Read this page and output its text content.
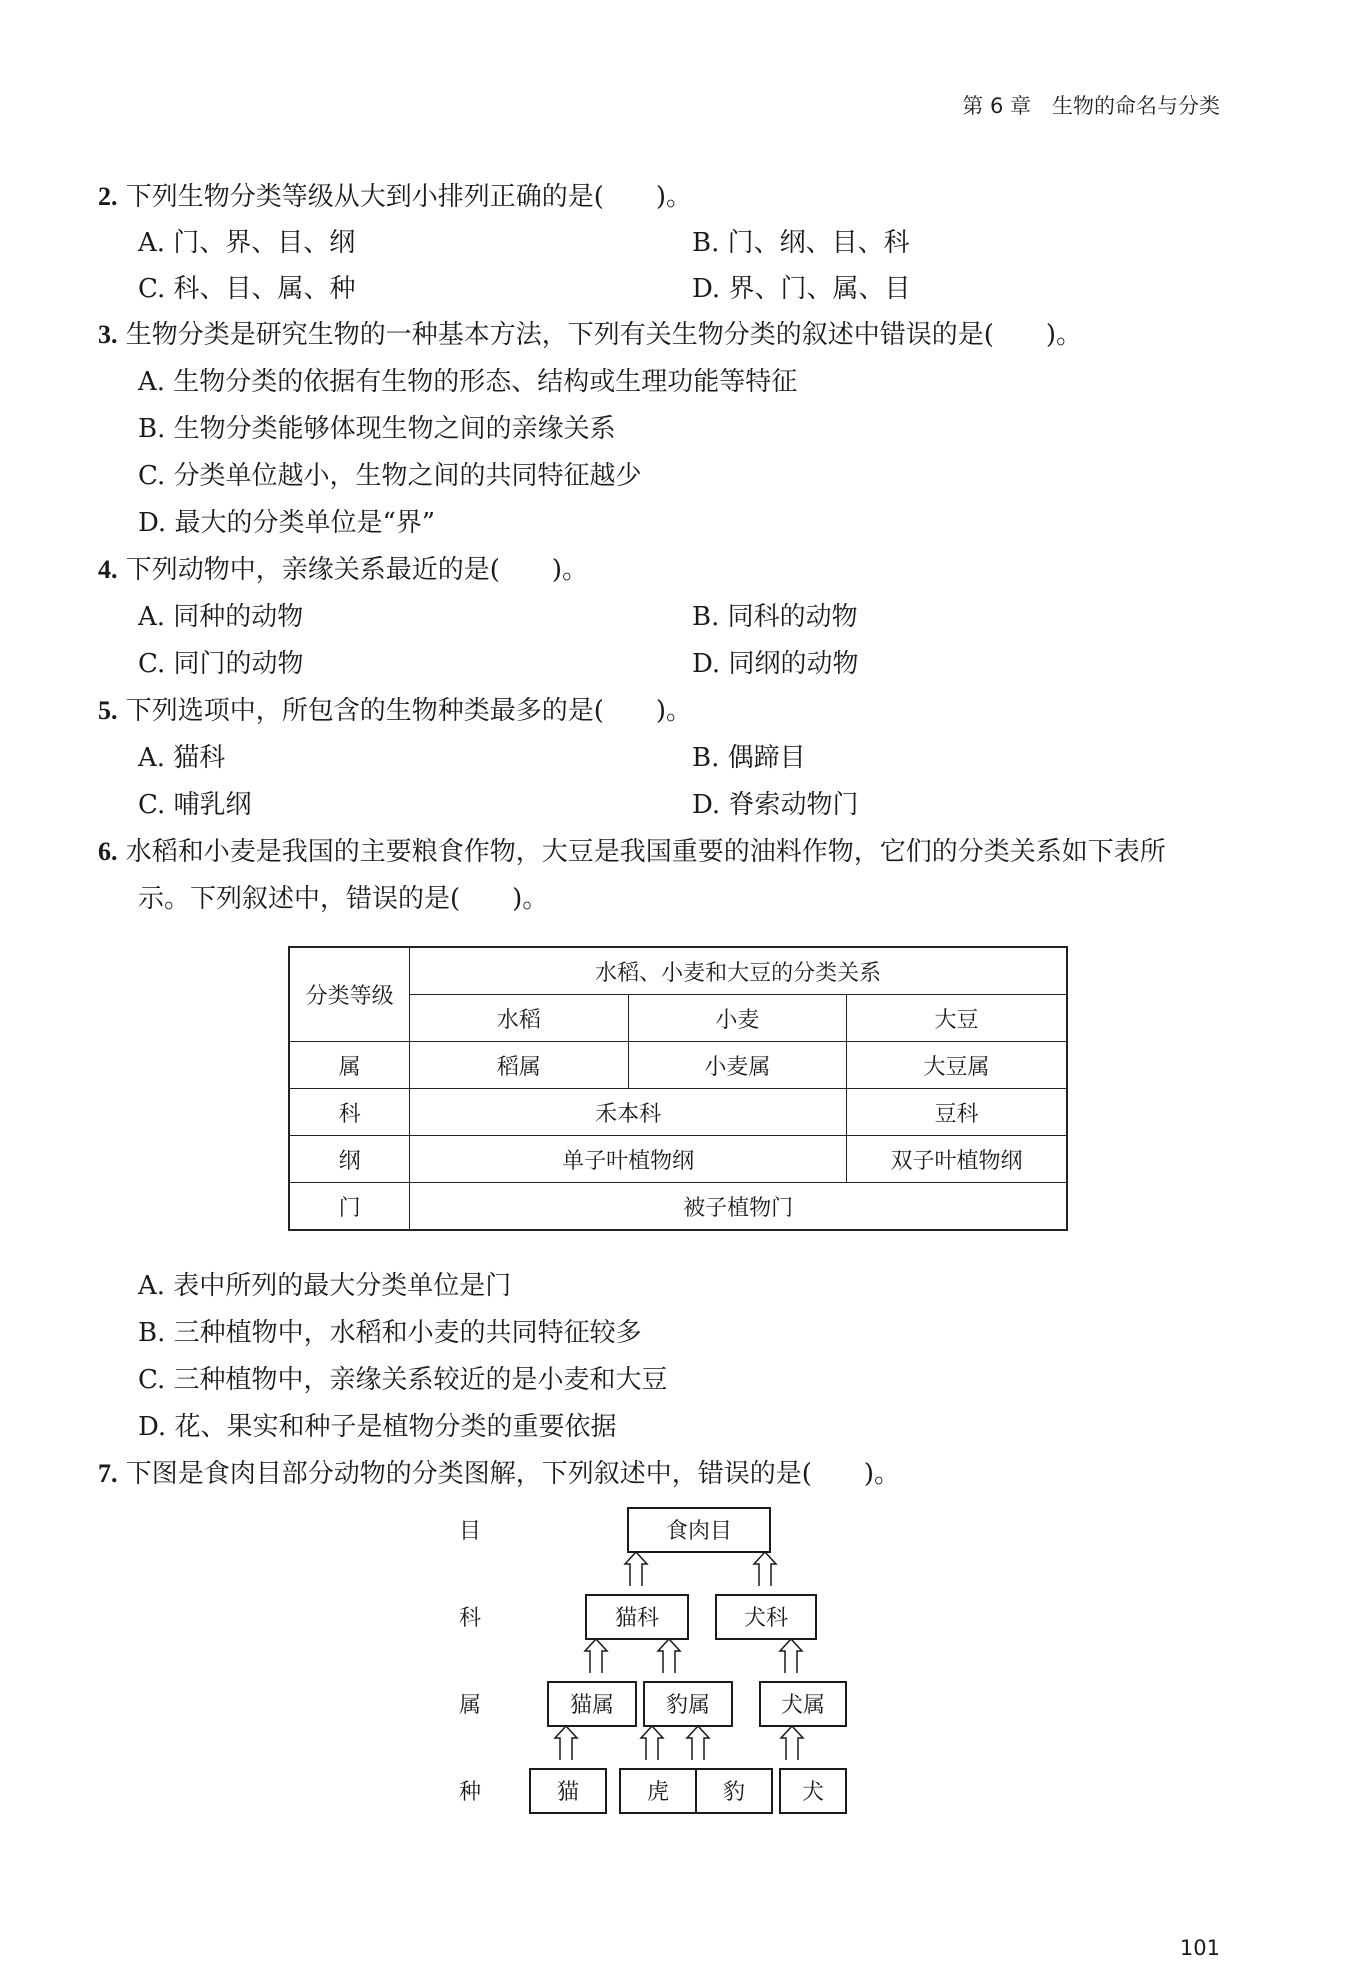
第 6 章　生物的命名与分类
2. 下列生物分类等级从大到小排列正确的是(　　)。
A. 门、界、目、纲	B. 门、纲、目、科
C. 科、目、属、种	D. 界、门、属、目
3. 生物分类是研究生物的一种基本方法，下列有关生物分类的叙述中错误的是(　　)。
A. 生物分类的依据有生物的形态、结构或生理功能等特征
B. 生物分类能够体现生物之间的亲缘关系
C. 分类单位越小，生物之间的共同特征越少
D. 最大的分类单位是“界”
4. 下列动物中，亲缘关系最近的是(　　)。
A. 同种的动物	B. 同科的动物
C. 同门的动物	D. 同纲的动物
5. 下列选项中，所包含的生物种类最多的是(　　)。
A. 猫科	B. 偶蹄目
C. 哺乳纲	D. 脊索动物门
6. 水稻和小麦是我国的主要粮食作物，大豆是我国重要的油料作物，它们的分类关系如下表所
示。下列叙述中，错误的是(　　)。
分类等级	水稻、小麦和大豆的分类关系		
	水稻	小麦	大豆
属	稻属	小麦属	大豆属
科	禾本科		豆科
纲	单子叶植物纲		双子叶植物纲
门	被子植物门		
A. 表中所列的最大分类单位是门
B. 三种植物中，水稻和小麦的共同特征较多
C. 三种植物中，亲缘关系较近的是小麦和大豆
D. 花、果实和种子是植物分类的重要依据
7. 下图是食肉目部分动物的分类图解，下列叙述中，错误的是(　　)。
目
科
属
种
食肉目
猫科	犬科
猫属 豹属	犬属
猫	虎 豹	犬
101
